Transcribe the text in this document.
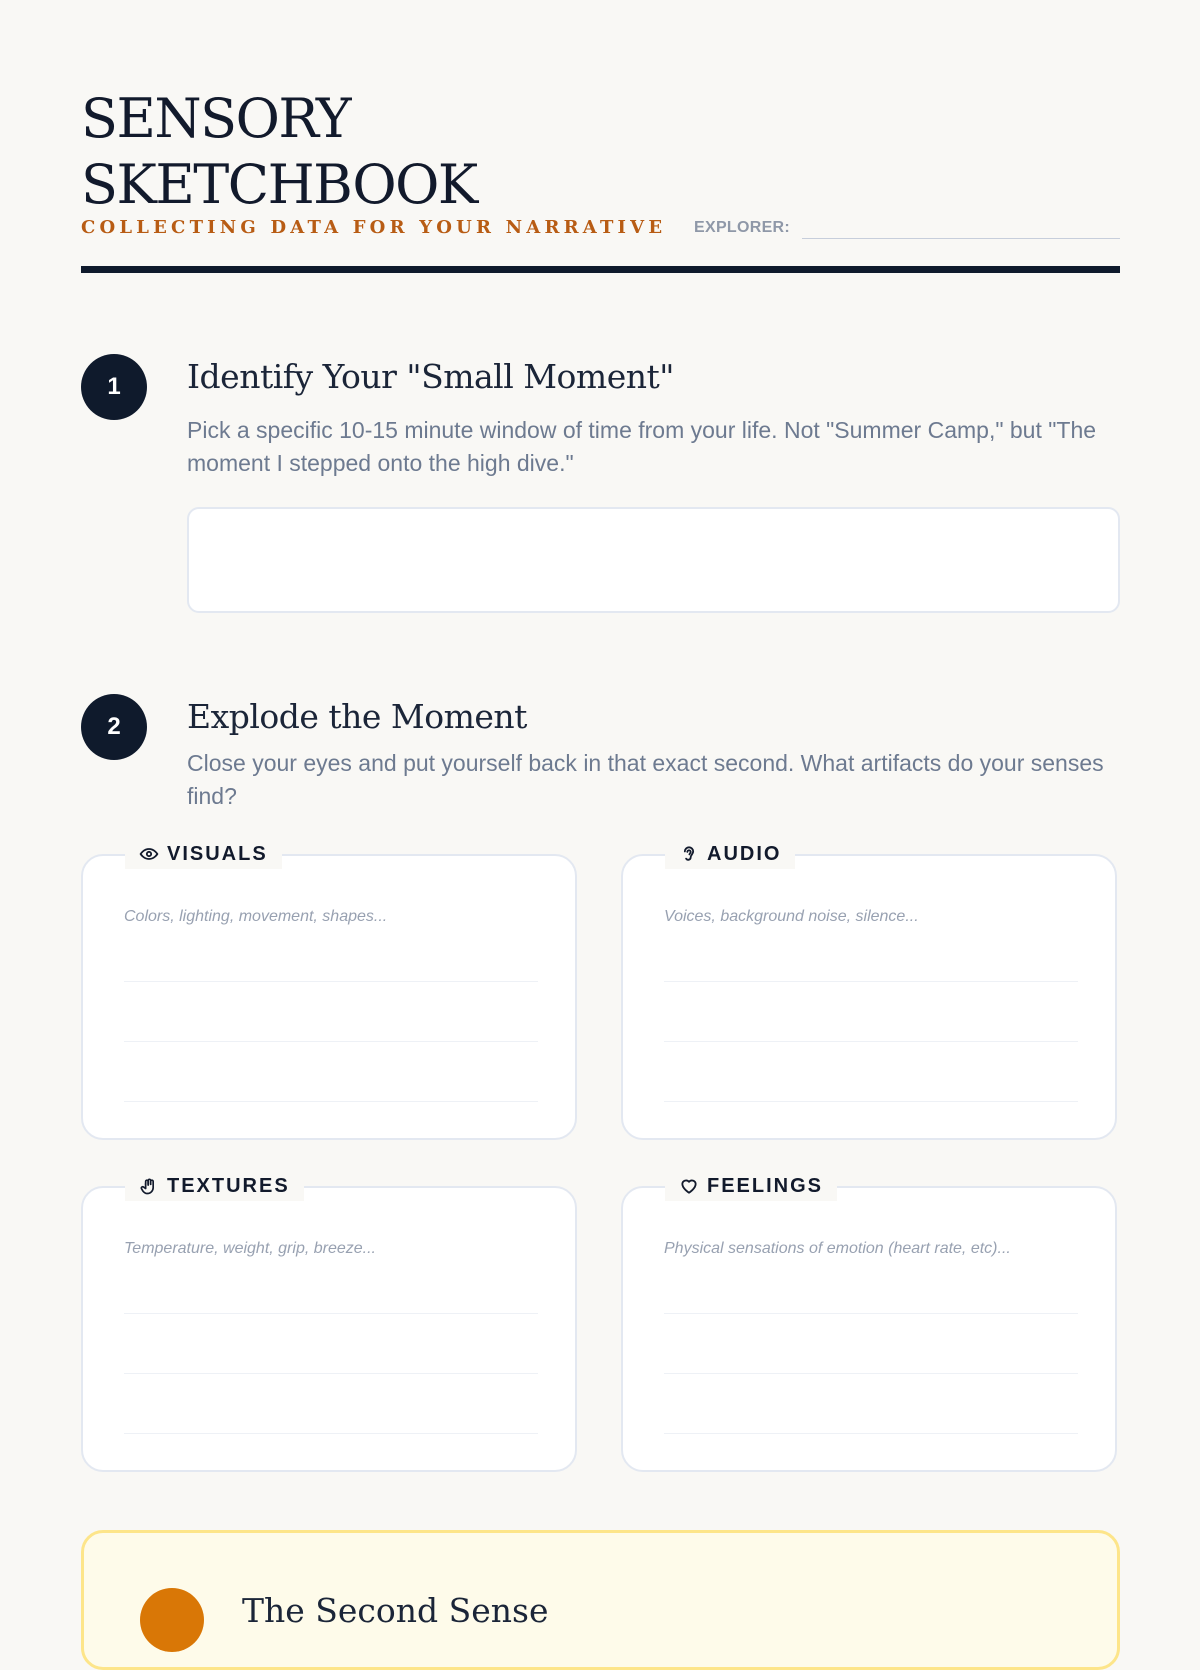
SENSORY
SKETCHBOOK
COLLECTING DATA FOR YOUR NARRATIVE EXPLORER:
1	Identify Your "Small Moment"
Pick a specific 10-15 minute window of time from your life. Not "Summer Camp," but "The moment I stepped onto the high dive."
2	Explode the Moment
Close your eyes and put yourself back in that exact second. What artifacts do your senses find?
VISUALS
Colors, lighting, movement, shapes...
AUDIO
Voices, background noise, silence...
TEXTURES
Temperature, weight, grip, breeze...
FEELINGS
Physical sensations of emotion (heart rate, etc)...
The Second Sense
